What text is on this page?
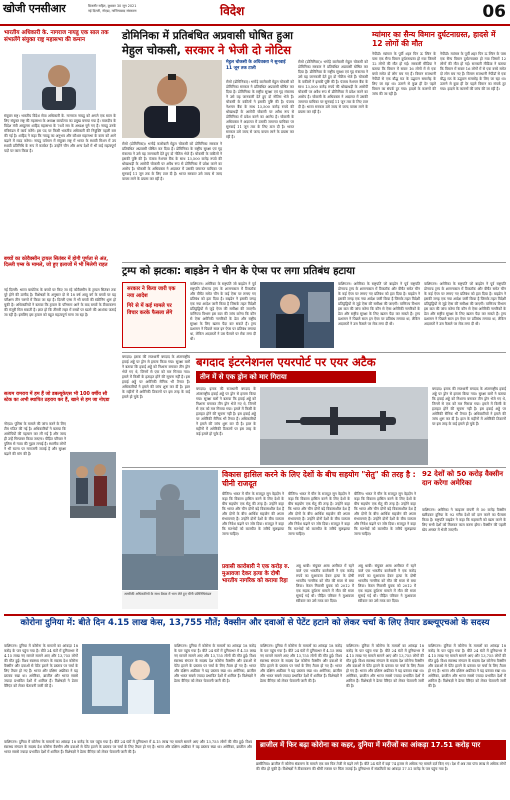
खोजी एनसीआर	बिजनौर सहित, बुधवार 30 जून 2021
नई दिल्ली, नोएडा, गाजियाबाद संस्करण	विदेश	06
भारतीय अधिकारी के. नागराज नायडू एक साल तक संभालेंगे संयुक्त राष्ट्र महासभा की कमान
संयुक्त राष्ट्र। भारतीय विदेश सेवा अधिकारी के. नागराज नायडू को अगले एक साल के लिए संयुक्त राष्ट्र की महासभा के अध्यक्ष कार्यालय का प्रमुख बनाया गया है। मालदीव के विदेश मंत्री अब्दुल्ला शाहिद महासभा के 76वें सत्र के अध्यक्ष चुने गए हैं। नायडू उनके मंत्रिमंडल में कार्य करेंगे। इस पद पर किसी भारतीय अधिकारी की नियुक्ति पहली बार की गई है। शाहिद ने कहा कि नायडू का अनुभव और कौशल महासभा के काम को आगे बढ़ाने में मदद करेगा। नायडू वर्तमान में संयुक्त राष्ट्र में भारत के स्थायी मिशन में उप स्थायी प्रतिनिधि के रूप में कार्यरत हैं। उन्होंने चीन और अन्य देशों में भी कई महत्वपूर्ण पदों पर काम किया है।
बच्चों का कोवैक्सीन ट्रायल सितंबर में होगी पूर्णता से अंत, दिल्ली एम्स के मामले, जो हुए इलाजों में भी मिलेगी राहत
नई दिल्ली। भारत बायोटेक के बच्चों पर किए जा रहे कोवैक्सीन के ट्रायल सितंबर तक पूरे होने की उम्मीद है। विशेषज्ञों के अनुसार दो से 18 वर्ष आयु वर्ग के बच्चों पर यह परीक्षण तीन चरणों में किया जा रहा है। दिल्ली एम्स में भी बच्चों की स्क्रीनिंग शुरू हो चुकी है। अधिकारियों ने बताया कि ट्रायल के परिणाम आने के बाद बच्चों के टीकाकरण की मंजूरी मिल सकती है। ज्ञात हो कि तीसरी लहर में बच्चों पर खतरे की आशंका जताई जा रही है। इसलिए इस ट्रायल को बहुत महत्वपूर्ण माना जा रहा है।
सत्यम रामराय में हम हैं जो डबल्यूकेएस भी 100 वर्षीय सौ स्टेक का अभी स्थापित ठहराय कर हैं, खाने से हम जा नोएडा
नोएडा। पुलिस के मामले की जांच करने के लिए टीम गठित की गई है। अधिकारियों ने बताया कि आरोपियों की पहचान कर ली गई है और जल्द ही उन्हें गिरफ्तार किया जाएगा। पीड़ित परिवार ने पुलिस से न्याय की गुहार लगाई है। स्थानीय लोगों ने भी घटना पर नाराजगी जताई है और सुरक्षा बढ़ाने की मांग की है।
डोमिनिका में प्रतिबंधित अप्रवासी घोषित हुआ
मेहुल चोकसी, सरकार ने भेजी दो नोटिस
मेहुल चोकसी के अधिवक्ता ने सुनवाई 11 जून तक टाली
रोसो (डोमिनिका)। भगोड़े कारोबारी मेहुल चोकसी को डोमिनिका सरकार ने प्रतिबंधित अप्रवासी घोषित कर दिया है। डोमिनिका के राष्ट्रीय सुरक्षा एवं गृह मंत्रालय ने उसे यह जानकारी देते हुए दो नोटिस भेजे हैं। चोकसी के वकीलों ने इसकी पुष्टि की है। पंजाब नेशनल बैंक के साथ 13,500 करोड़ रुपये की धोखाधड़ी के आरोपी चोकसी पर अवैध रूप से डोमिनिका में प्रवेश करने का आरोप है। चोकसी के अधिवक्ता ने अदालत में उसकी जमानत याचिका पर सुनवाई 11 जून तक के लिए टाल दी है। भारत सरकार उसे जल्द से जल्द वापस लाने के प्रयास कर रही है।
रोसो (डोमिनिका)। भगोड़े कारोबारी मेहुल चोकसी को डोमिनिका सरकार ने प्रतिबंधित अप्रवासी घोषित कर दिया है। डोमिनिका के राष्ट्रीय सुरक्षा एवं गृह मंत्रालय ने उसे यह जानकारी देते हुए दो नोटिस भेजे हैं। चोकसी के वकीलों ने इसकी पुष्टि की है। पंजाब नेशनल बैंक के साथ 13,500 करोड़ रुपये की धोखाधड़ी के आरोपी चोकसी पर अवैध रूप से डोमिनिका में प्रवेश करने का आरोप है। चोकसी के अधिवक्ता ने अदालत में उसकी जमानत याचिका पर सुनवाई 11 जून तक के लिए टाल दी है। भारत सरकार उसे जल्द से जल्द वापस लाने के प्रयास कर रही है।
रोसो (डोमिनिका)। भगोड़े कारोबारी मेहुल चोकसी को डोमिनिका सरकार ने प्रतिबंधित अप्रवासी घोषित कर दिया है। डोमिनिका के राष्ट्रीय सुरक्षा एवं गृह मंत्रालय ने उसे यह जानकारी देते हुए दो नोटिस भेजे हैं। चोकसी के वकीलों ने इसकी पुष्टि की है। पंजाब नेशनल बैंक के साथ 13,500 करोड़ रुपये की धोखाधड़ी के आरोपी चोकसी पर अवैध रूप से डोमिनिका में प्रवेश करने का आरोप है। चोकसी के अधिवक्ता ने अदालत में उसकी जमानत याचिका पर सुनवाई 11 जून तक के लिए टाल दी है। भारत सरकार उसे जल्द से जल्द वापस लाने के प्रयास कर रही है।
म्यांमार का सैन्य विमान दुर्घटनाग्रस्त, हादसे में 12 लोगों की मौत
नेपीडॉ। म्यांमार के पूर्वी शहर पिन ऊ ल्विन के पास एक सैन्य विमान दुर्घटनाग्रस्त हो गया जिसमें 12 लोगों की मौत हो गई। सरकारी मीडिया ने बताया कि विमान में सवार 16 लोगों में से एक बच्चे समेत दो लोग बच गए हैं। विमान राजधानी नेपीडॉ से एक बौद्ध मठ के उद्घाटन समारोह के लिए जा रहा था। उतरने से कुछ ही देर पहले विमान का संपर्क टूट गया। हादसे के कारणों की जांच की जा रही है।
नेपीडॉ। म्यांमार के पूर्वी शहर पिन ऊ ल्विन के पास एक सैन्य विमान दुर्घटनाग्रस्त हो गया जिसमें 12 लोगों की मौत हो गई। सरकारी मीडिया ने बताया कि विमान में सवार 16 लोगों में से एक बच्चे समेत दो लोग बच गए हैं। विमान राजधानी नेपीडॉ से एक बौद्ध मठ के उद्घाटन समारोह के लिए जा रहा था। उतरने से कुछ ही देर पहले विमान का संपर्क टूट गया। हादसे के कारणों की जांच की जा रही है।
ट्रम्प को झटका: बाइडेन ने चीन के ऐप्स पर लगा प्रतिबंध हटाया
सरकार ने किया जारी एक नया आदेश
गिरे से में कई मामले पर विचार करके फैसला लेंगे
वाशिंगटन। अमेरिका के राष्ट्रपति जो बाइडेन ने पूर्व राष्ट्रपति डोनाल्ड ट्रम्प के शासनकाल में टिकटॉक और वीचैट समेत चीन के कई ऐप्स पर लगाए गए प्रतिबंध को हटा दिया है। बाइडेन ने इसकी जगह एक नया आदेश जारी किया है जिसके तहत विदेशी प्रतिद्वंद्वियों से जुड़े ऐप्स की समीक्षा की जाएगी। वाणिज्य विभाग इस बात की जांच करेगा कि कौन से ऐप्स अमेरिकी नागरिकों के डेटा और राष्ट्रीय सुरक्षा के लिए खतरा पैदा कर सकते हैं। ट्रम्प प्रशासन ने पिछले साल इन ऐप्स पर प्रतिबंध लगाया था, लेकिन अदालतों ने उस फैसले पर रोक लगा दी थी।
वाशिंगटन। अमेरिका के राष्ट्रपति जो बाइडेन ने पूर्व राष्ट्रपति डोनाल्ड ट्रम्प के शासनकाल में टिकटॉक और वीचैट समेत चीन के कई ऐप्स पर लगाए गए प्रतिबंध को हटा दिया है। बाइडेन ने इसकी जगह एक नया आदेश जारी किया है जिसके तहत विदेशी प्रतिद्वंद्वियों से जुड़े ऐप्स की समीक्षा की जाएगी। वाणिज्य विभाग इस बात की जांच करेगा कि कौन से ऐप्स अमेरिकी नागरिकों के डेटा और राष्ट्रीय सुरक्षा के लिए खतरा पैदा कर सकते हैं। ट्रम्प प्रशासन ने पिछले साल इन ऐप्स पर प्रतिबंध लगाया था, लेकिन अदालतों ने उस फैसले पर रोक लगा दी थी।
वाशिंगटन। अमेरिका के राष्ट्रपति जो बाइडेन ने पूर्व राष्ट्रपति डोनाल्ड ट्रम्प के शासनकाल में टिकटॉक और वीचैट समेत चीन के कई ऐप्स पर लगाए गए प्रतिबंध को हटा दिया है। बाइडेन ने इसकी जगह एक नया आदेश जारी किया है जिसके तहत विदेशी प्रतिद्वंद्वियों से जुड़े ऐप्स की समीक्षा की जाएगी। वाणिज्य विभाग इस बात की जांच करेगा कि कौन से ऐप्स अमेरिकी नागरिकों के डेटा और राष्ट्रीय सुरक्षा के लिए खतरा पैदा कर सकते हैं। ट्रम्प प्रशासन ने पिछले साल इन ऐप्स पर प्रतिबंध लगाया था, लेकिन अदालतों ने उस फैसले पर रोक लगा दी थी।
बगदाद। इराक की राजधानी बगदाद के अंतरराष्ट्रीय हवाई अड्डे पर ड्रोन से हमला किया गया। सुरक्षा बलों ने बताया कि हवाई अड्डे को निशाना बनाकर तीन ड्रोन भेजे गए थे, जिनमें से एक को मार गिराया गया। हमले में किसी के हताहत होने की सूचना नहीं है। इस हवाई अड्डे पर अमेरिकी सैनिक भी तैनात हैं। अधिकारियों ने हमले की जांच शुरू कर दी है। हाल के महीनों में अमेरिकी ठिकानों पर इस तरह के कई हमले हो चुके हैं।
बगदाद इंटरनेशनल एयरपोर्ट पर एयर अटैक
तीन में से एक ड्रोन को मार गिराया
बगदाद। इराक की राजधानी बगदाद के अंतरराष्ट्रीय हवाई अड्डे पर ड्रोन से हमला किया गया। सुरक्षा बलों ने बताया कि हवाई अड्डे को निशाना बनाकर तीन ड्रोन भेजे गए थे, जिनमें से एक को मार गिराया गया। हमले में किसी के हताहत होने की सूचना नहीं है। इस हवाई अड्डे पर अमेरिकी सैनिक भी तैनात हैं। अधिकारियों ने हमले की जांच शुरू कर दी है। हाल के महीनों में अमेरिकी ठिकानों पर इस तरह के कई हमले हो चुके हैं।
बगदाद। इराक की राजधानी बगदाद के अंतरराष्ट्रीय हवाई अड्डे पर ड्रोन से हमला किया गया। सुरक्षा बलों ने बताया कि हवाई अड्डे को निशाना बनाकर तीन ड्रोन भेजे गए थे, जिनमें से एक को मार गिराया गया। हमले में किसी के हताहत होने की सूचना नहीं है। इस हवाई अड्डे पर अमेरिकी सैनिक भी तैनात हैं। अधिकारियों ने हमले की जांच शुरू कर दी है। हाल के महीनों में अमेरिकी ठिकानों पर इस तरह के कई हमले हो चुके हैं।
अमरीकी अधिकारियों के साथ बैठक में भाग लेते हुए चीनी प्रतिनिधिमंडल
विकास हासिल करने के लिए देशों के बीच सहयोग "सेतु" की तरह है : चीनी राजदूत
बीजिंग। भारत में चीन के राजदूत सुन वेइदोंग ने कहा कि विकास हासिल करने के लिए देशों के बीच सहयोग एक सेतु की तरह है। उन्होंने कहा कि भारत और चीन दोनों बड़े विकासशील देश हैं और दोनों के बीच आर्थिक सहयोग की अपार संभावनाएं हैं। उन्होंने दोनों देशों के बीच व्यापार और निवेश बढ़ाने पर जोर दिया। राजदूत ने कहा कि मतभेदों को बातचीत के जरिये सुलझाया जाना चाहिए।
बीजिंग। भारत में चीन के राजदूत सुन वेइदोंग ने कहा कि विकास हासिल करने के लिए देशों के बीच सहयोग एक सेतु की तरह है। उन्होंने कहा कि भारत और चीन दोनों बड़े विकासशील देश हैं और दोनों के बीच आर्थिक सहयोग की अपार संभावनाएं हैं। उन्होंने दोनों देशों के बीच व्यापार और निवेश बढ़ाने पर जोर दिया। राजदूत ने कहा कि मतभेदों को बातचीत के जरिये सुलझाया जाना चाहिए।
बीजिंग। भारत में चीन के राजदूत सुन वेइदोंग ने कहा कि विकास हासिल करने के लिए देशों के बीच सहयोग एक सेतु की तरह है। उन्होंने कहा कि भारत और चीन दोनों बड़े विकासशील देश हैं और दोनों के बीच आर्थिक सहयोग की अपार संभावनाएं हैं। उन्होंने दोनों देशों के बीच व्यापार और निवेश बढ़ाने पर जोर दिया। राजदूत ने कहा कि मतभेदों को बातचीत के जरिये सुलझाया जाना चाहिए।
92 देशों को 50 करोड़ वैक्सीन दान करेगा अमेरिका
वाशिंगटन। अमेरिका ने फाइजर कंपनी से 50 करोड़ वैक्सीन खरीदकर दुनिया के 92 गरीब देशों को दान करने का फैसला किया है। राष्ट्रपति बाइडेन ने कहा कि महामारी को खत्म करने के लिए सभी देशों को मिलकर काम करना होगा। वैक्सीन की पहली खेप अगस्त में भेजी जाएगी।
प्रवासी कारोबारी ने एक करोड़ रु. मुआवजा देकर हत्या के दोषी भारतीय नागरिक को कराया रिहा
अबू धाबी। संयुक्त अरब अमीरात में रहने वाले एक भारतीय कारोबारी ने एक करोड़ रुपये का मुआवजा देकर हत्या के दोषी भारतीय नागरिक को मौत की सजा से बचा लिया। केरल निवासी युवक को 2012 में एक सड़क दुर्घटना मामले में मौत की सजा सुनाई गई थी। पीड़ित परिवार ने मुआवजा स्वीकार कर उसे माफ कर दिया।
अबू धाबी। संयुक्त अरब अमीरात में रहने वाले एक भारतीय कारोबारी ने एक करोड़ रुपये का मुआवजा देकर हत्या के दोषी भारतीय नागरिक को मौत की सजा से बचा लिया। केरल निवासी युवक को 2012 में एक सड़क दुर्घटना मामले में मौत की सजा सुनाई गई थी। पीड़ित परिवार ने मुआवजा स्वीकार कर उसे माफ कर दिया।
कोरोना दुनिया में: बीते दिन 4.15 लाख केस, 13,755 मौतें; वैक्सीन और दवाओं से पेटेंट हटाने को लेकर चर्चा के लिए तैयार डब्ल्यूएचओ के सदस्य
वाशिंगटन। दुनिया में कोरोना के मामलों का आंकड़ा 18 करोड़ के पार पहुंच गया है। बीते 24 घंटों में दुनियाभर में 4.15 लाख नए मामले सामने आए और 13,755 लोगों की मौत हुई। विश्व स्वास्थ्य संगठन के सदस्य देश कोरोना वैक्सीन और दवाओं से पेटेंट हटाने के प्रस्ताव पर चर्चा के लिए तैयार हो गए हैं। भारत और दक्षिण अफ्रीका ने यह प्रस्ताव रखा था। अमेरिका, ब्राजील और भारत सबसे ज्यादा प्रभावित देशों में शामिल हैं। विशेषज्ञों ने डेल्टा वैरिएंट को लेकर चेतावनी जारी की है।
वाशिंगटन। दुनिया में कोरोना के मामलों का आंकड़ा 18 करोड़ के पार पहुंच गया है। बीते 24 घंटों में दुनियाभर में 4.15 लाख नए मामले सामने आए और 13,755 लोगों की मौत हुई। विश्व स्वास्थ्य संगठन के सदस्य देश कोरोना वैक्सीन और दवाओं से पेटेंट हटाने के प्रस्ताव पर चर्चा के लिए तैयार हो गए हैं। भारत और दक्षिण अफ्रीका ने यह प्रस्ताव रखा था। अमेरिका, ब्राजील और भारत सबसे ज्यादा प्रभावित देशों में शामिल हैं। विशेषज्ञों ने डेल्टा वैरिएंट को लेकर चेतावनी जारी की है।
वाशिंगटन। दुनिया में कोरोना के मामलों का आंकड़ा 18 करोड़ के पार पहुंच गया है। बीते 24 घंटों में दुनियाभर में 4.15 लाख नए मामले सामने आए और 13,755 लोगों की मौत हुई। विश्व स्वास्थ्य संगठन के सदस्य देश कोरोना वैक्सीन और दवाओं से पेटेंट हटाने के प्रस्ताव पर चर्चा के लिए तैयार हो गए हैं। भारत और दक्षिण अफ्रीका ने यह प्रस्ताव रखा था। अमेरिका, ब्राजील और भारत सबसे ज्यादा प्रभावित देशों में शामिल हैं। विशेषज्ञों ने डेल्टा वैरिएंट को लेकर चेतावनी जारी की है।
वाशिंगटन। दुनिया में कोरोना के मामलों का आंकड़ा 18 करोड़ के पार पहुंच गया है। बीते 24 घंटों में दुनियाभर में 4.15 लाख नए मामले सामने आए और 13,755 लोगों की मौत हुई। विश्व स्वास्थ्य संगठन के सदस्य देश कोरोना वैक्सीन और दवाओं से पेटेंट हटाने के प्रस्ताव पर चर्चा के लिए तैयार हो गए हैं। भारत और दक्षिण अफ्रीका ने यह प्रस्ताव रखा था। अमेरिका, ब्राजील और भारत सबसे ज्यादा प्रभावित देशों में शामिल हैं। विशेषज्ञों ने डेल्टा वैरिएंट को लेकर चेतावनी जारी की है।
वाशिंगटन। दुनिया में कोरोना के मामलों का आंकड़ा 18 करोड़ के पार पहुंच गया है। बीते 24 घंटों में दुनियाभर में 4.15 लाख नए मामले सामने आए और 13,755 लोगों की मौत हुई। विश्व स्वास्थ्य संगठन के सदस्य देश कोरोना वैक्सीन और दवाओं से पेटेंट हटाने के प्रस्ताव पर चर्चा के लिए तैयार हो गए हैं। भारत और दक्षिण अफ्रीका ने यह प्रस्ताव रखा था। अमेरिका, ब्राजील और भारत सबसे ज्यादा प्रभावित देशों में शामिल हैं। विशेषज्ञों ने डेल्टा वैरिएंट को लेकर चेतावनी जारी की है।
ब्राजील में फिर बढ़ा कोरोना का कहर, दुनिया में मरीजों का आंकड़ा 17.51 करोड़ पार
ब्रासीलिया। ब्राजील में कोरोना संक्रमण के मामले एक बार फिर तेजी से बढ़ने लगे हैं। बीते 24 घंटों में यहां 74 हजार से अधिक नए मामले दर्ज किए गए। देश में अब तक पांच लाख से अधिक लोगों की मौत हो चुकी है। विशेषज्ञों ने टीकाकरण की धीमी रफ्तार पर चिंता जताई है। दुनियाभर में संक्रमितों का आंकड़ा 17.51 करोड़ के पार पहुंच गया है।
वाशिंगटन। दुनिया में कोरोना के मामलों का आंकड़ा 18 करोड़ के पार पहुंच गया है। बीते 24 घंटों में दुनियाभर में 4.15 लाख नए मामले सामने आए और 13,755 लोगों की मौत हुई। विश्व स्वास्थ्य संगठन के सदस्य देश कोरोना वैक्सीन और दवाओं से पेटेंट हटाने के प्रस्ताव पर चर्चा के लिए तैयार हो गए हैं। भारत और दक्षिण अफ्रीका ने यह प्रस्ताव रखा था। अमेरिका, ब्राजील और भारत सबसे ज्यादा प्रभावित देशों में शामिल हैं। विशेषज्ञों ने डेल्टा वैरिएंट को लेकर चेतावनी जारी की है।
